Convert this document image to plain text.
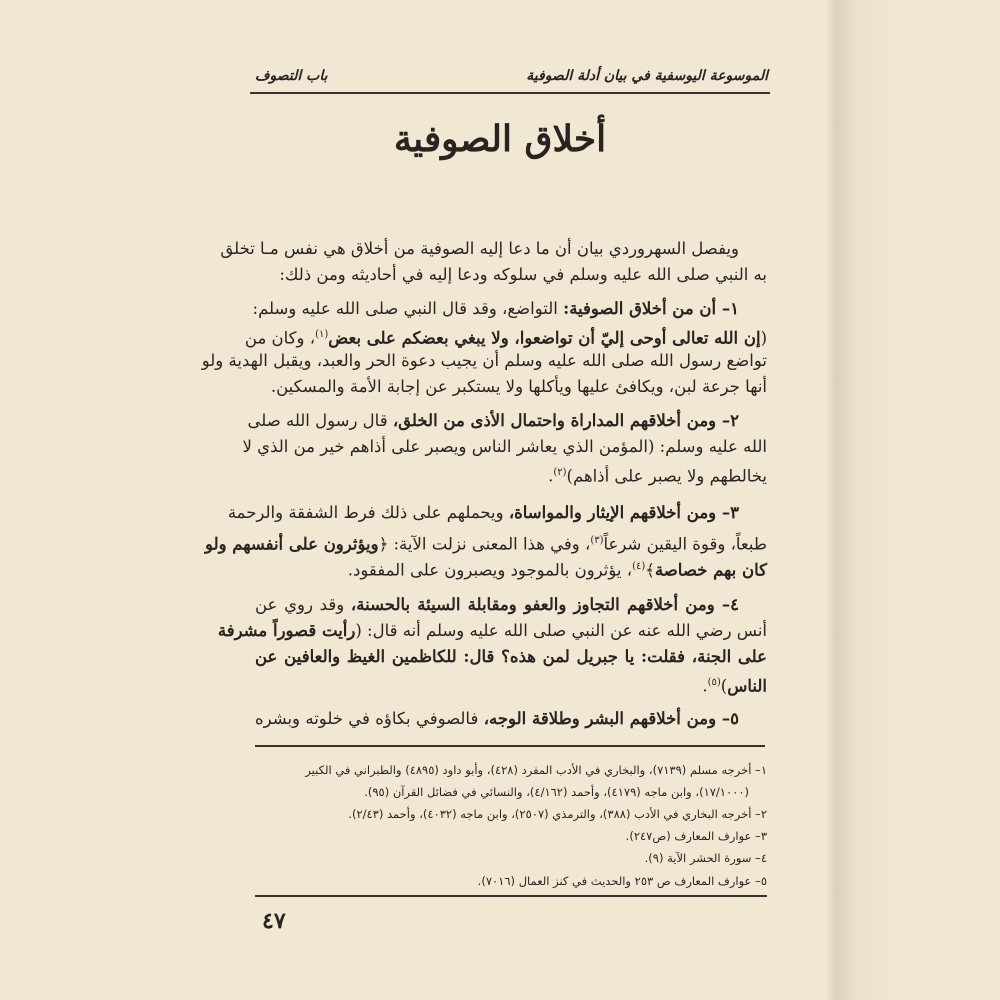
الموسوعة اليوسفية في بيان أدلة الصوفية
باب التصوف
أخلاق الصوفية
ويفصل السهروردي بيان أن ما دعا إليه الصوفية من أخلاق هي نفس مـا تخلق
به النبي صلى الله عليه وسلم في سلوكه ودعا إليه في أحاديثه ومن ذلك:
١– أن من أخلاق الصوفية: التواضع، وقد قال النبي صلى الله عليه وسلم:
(إن الله تعالى أوحى إليّ أن تواضعوا، ولا يبغي بعضكم على بعض$^{(١)}$، وكان من
تواضع رسول الله صلى الله عليه وسلم أن يجيب دعوة الحر والعبد، ويقبل الهدية ولو
أنها جرعة لبن، ويكافئ عليها ويأكلها ولا يستكبر عن إجابة الأمة والمسكين.
٢– ومن أخلاقهم المداراة واحتمال الأذى من الخلق، قال رسول الله صلى
الله عليه وسلم: (المؤمن الذي يعاشر الناس ويصبر على أذاهم خير من الذي لا
يخالطهم ولا يصبر على أذاهم)$^{(٢)}$.
٣– ومن أخلاقهم الإيثار والمواساة، ويحملهم على ذلك فرط الشفقة والرحمة
طبعاً، وقوة اليقين شرعاً$^{(٣)}$، وفي هذا المعنى نزلت الآية: ﴿ويؤثرون على أنفسهم ولو
كان بهم خصاصة﴾$^{(٤)}$، يؤثرون بالموجود ويصبرون على المفقود.
٤– ومن أخلاقهم التجاوز والعفو ومقابلة السيئة بالحسنة، وقد روي عن
أنس رضي الله عنه عن النبي صلى الله عليه وسلم أنه قال: (رأيت قصوراً مشرفة
على الجنة، فقلت: يا جبريل لمن هذه؟ قال: للكاظمين الغيظ والعافين عن
الناس)$^{(٥)}$.
٥– ومن أخلاقهم البشر وطلاقة الوجه، فالصوفي بكاؤه في خلوته وبشره
١– أخرجه مسلم (٧١٣٩)، والبخاري في الأدب المفرد (٤٢٨)، وأبو داود (٤٨٩٥) والطبراني في الكبير
(١٧/١٠٠٠)، وابن ماجه (٤١٧٩)، وأحمد (٤/١٦٢)، والنسائي في فضائل القرآن (٩٥).
٢– أخرجه البخاري في الأدب (٣٨٨)، والترمذي (٢٥٠٧)، وابن ماجه (٤٠٣٢)، وأحمد (٢/٤٣).
٣– عوارف المعارف (ص٢٤٧).
٤– سورة الحشر الآية (٩).
٥– عوارف المعارف ص ٢٥٣ والحديث في كنز العمال (٧٠١٦).
٤٧
